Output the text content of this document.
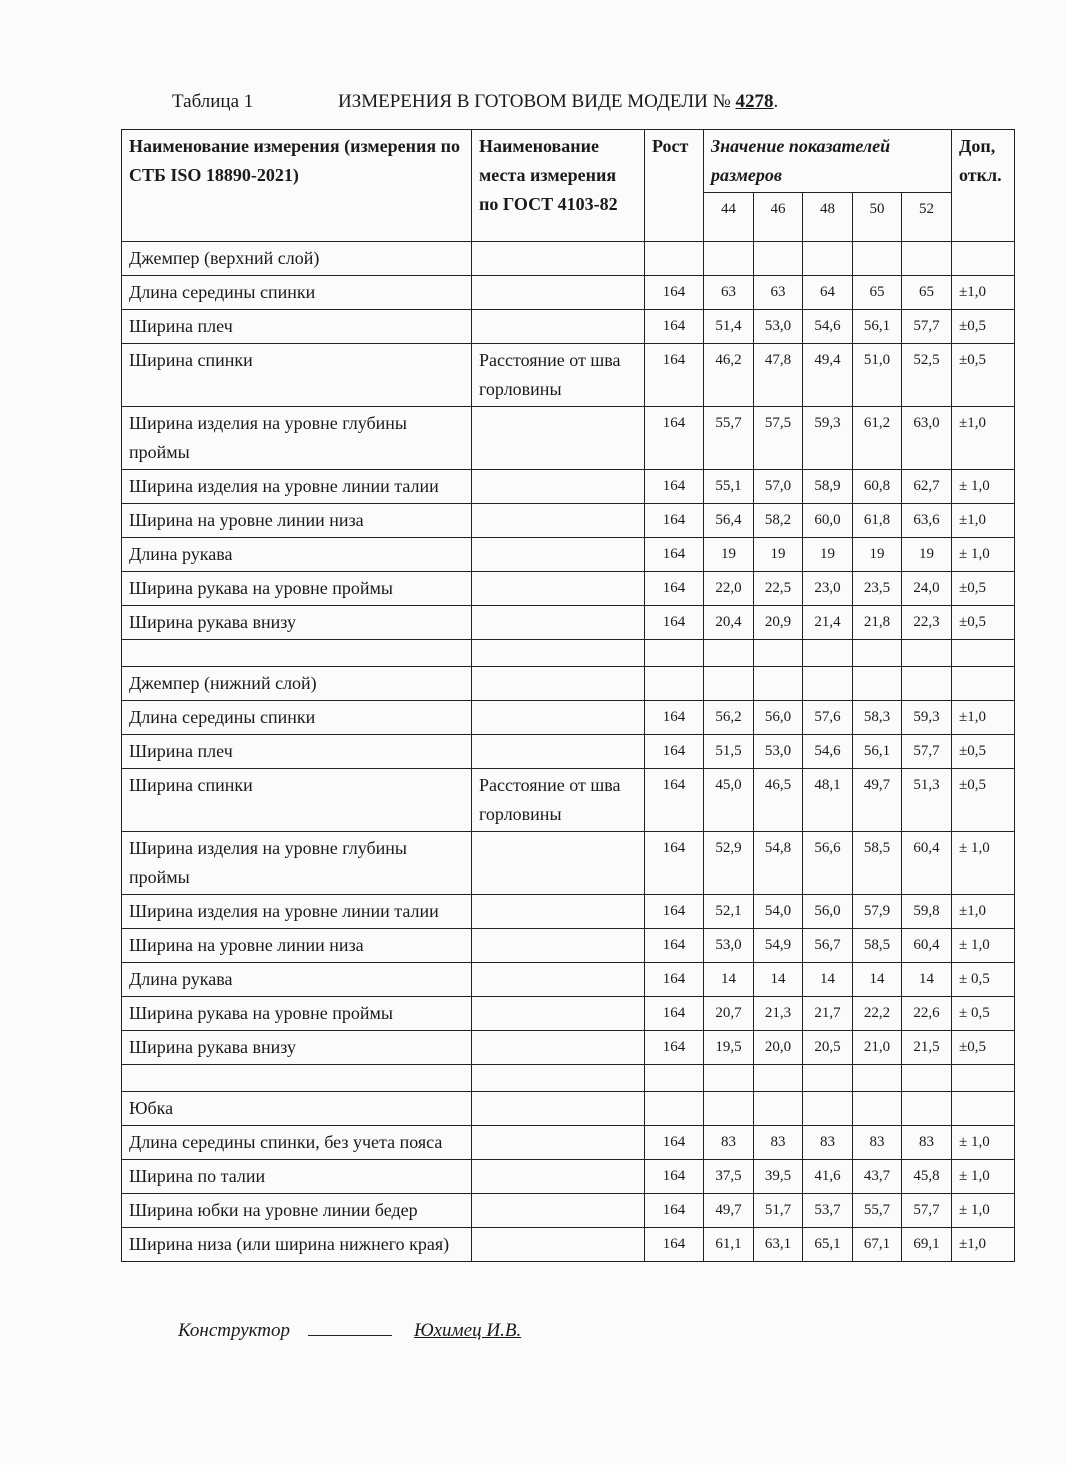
Таблица 1	ИЗМЕРЕНИЯ В ГОТОВОМ ВИДЕ МОДЕЛИ № 4278.
Наименование измерения (измерения по СТБ ISO 18890-2021)	Наименование места измерения по ГОСТ 4103-82	Рост	Значение показателей размеров					Доп, откл.
			44	46	48	50	52	
Джемпер (верхний слой)								
Длина середины спинки		164	63	63	64	65	65	±1,0
Ширина плеч		164	51,4	53,0	54,6	56,1	57,7	±0,5
Ширина спинки	Расстояние от шва горловины	164	46,2	47,8	49,4	51,0	52,5	±0,5
Ширина изделия на уровне глубины проймы		164	55,7	57,5	59,3	61,2	63,0	±1,0
Ширина изделия на уровне линии талии		164	55,1	57,0	58,9	60,8	62,7	± 1,0
Ширина на уровне линии низа		164	56,4	58,2	60,0	61,8	63,6	±1,0
Длина рукава		164	19	19	19	19	19	± 1,0
Ширина рукава на уровне проймы		164	22,0	22,5	23,0	23,5	24,0	±0,5
Ширина рукава внизу		164	20,4	20,9	21,4	21,8	22,3	±0,5

Джемпер (нижний слой)								
Длина середины спинки		164	56,2	56,0	57,6	58,3	59,3	±1,0
Ширина плеч		164	51,5	53,0	54,6	56,1	57,7	±0,5
Ширина спинки	Расстояние от шва горловины	164	45,0	46,5	48,1	49,7	51,3	±0,5
Ширина изделия на уровне глубины проймы		164	52,9	54,8	56,6	58,5	60,4	± 1,0
Ширина изделия на уровне линии талии		164	52,1	54,0	56,0	57,9	59,8	±1,0
Ширина на уровне линии низа		164	53,0	54,9	56,7	58,5	60,4	± 1,0
Длина рукава		164	14	14	14	14	14	± 0,5
Ширина рукава на уровне проймы		164	20,7	21,3	21,7	22,2	22,6	± 0,5
Ширина рукава внизу		164	19,5	20,0	20,5	21,0	21,5	±0,5

Юбка								
Длина середины спинки, без учета пояса		164	83	83	83	83	83	± 1,0
Ширина по талии		164	37,5	39,5	41,6	43,7	45,8	± 1,0
Ширина юбки на уровне линии бедер		164	49,7	51,7	53,7	55,7	57,7	± 1,0
Ширина низа (или ширина нижнего края)		164	61,1	63,1	65,1	67,1	69,1	±1,0
Конструктор	Юхимец И.В.
